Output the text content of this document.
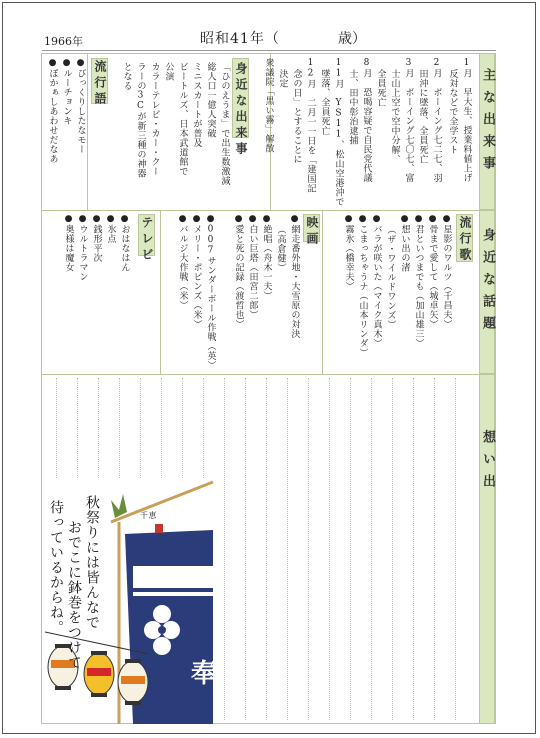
1966年	昭和41年（	歳）
主な出来事
身近な話題
想い出
1月　早大生、授業料値上げ
反対などで全学スト
2月　ボーイング七二七、羽
田沖に墜落、全員死亡
3月　ボーイング七〇七、富
士山上空で空中分解、
全員死亡
8月　恐喝容疑で自民党代議
士、田中彰治逮捕
11月　YS11、松山空港沖で
墜落、全員死亡
12月　二月一一日を「建国記
念の日」とすることに
決定
衆議院「黒い霧」解散
身近な出来事
「ひのえうま」で出生数激減
総人口一億人突破
ミニスカートが普及
ビートルズ、日本武道館で
公演
カラーテレビ・カー・クー
ラーの3Cが新三種の神器
となる
流行語
●びっくりしたなモー
●ルーチョンキ
●ぼかぁしあわせだなあ
流行歌
●星影のワルツ（千昌夫）
●骨まで愛して（城卓矢）
●君といつまでも（加山雄三）
●想い出の渚
（ザ・ワイルドワンズ）
●バラが咲いた（マイク真木）
●こまっちゃうナ（山本リンダ）
●霧氷（橋幸夫）
映画
●網走番外地・大雪原の対決
（高倉健）
●絶唱（舟木一夫）
●白い巨塔（田宮二郎）
●愛と死の記録（渡哲也）
●007サンダーボール作戦（英）
●メリー・ポピンズ（米）
●バルジ大作戦（米）
テレビ
●おはなはん
●氷点
●銭形平次
●ウルトラマン
●奥様は魔女
奉
秋祭りには皆んなで
おでこに鉢巻をつけて
待っているからね。	千恵
